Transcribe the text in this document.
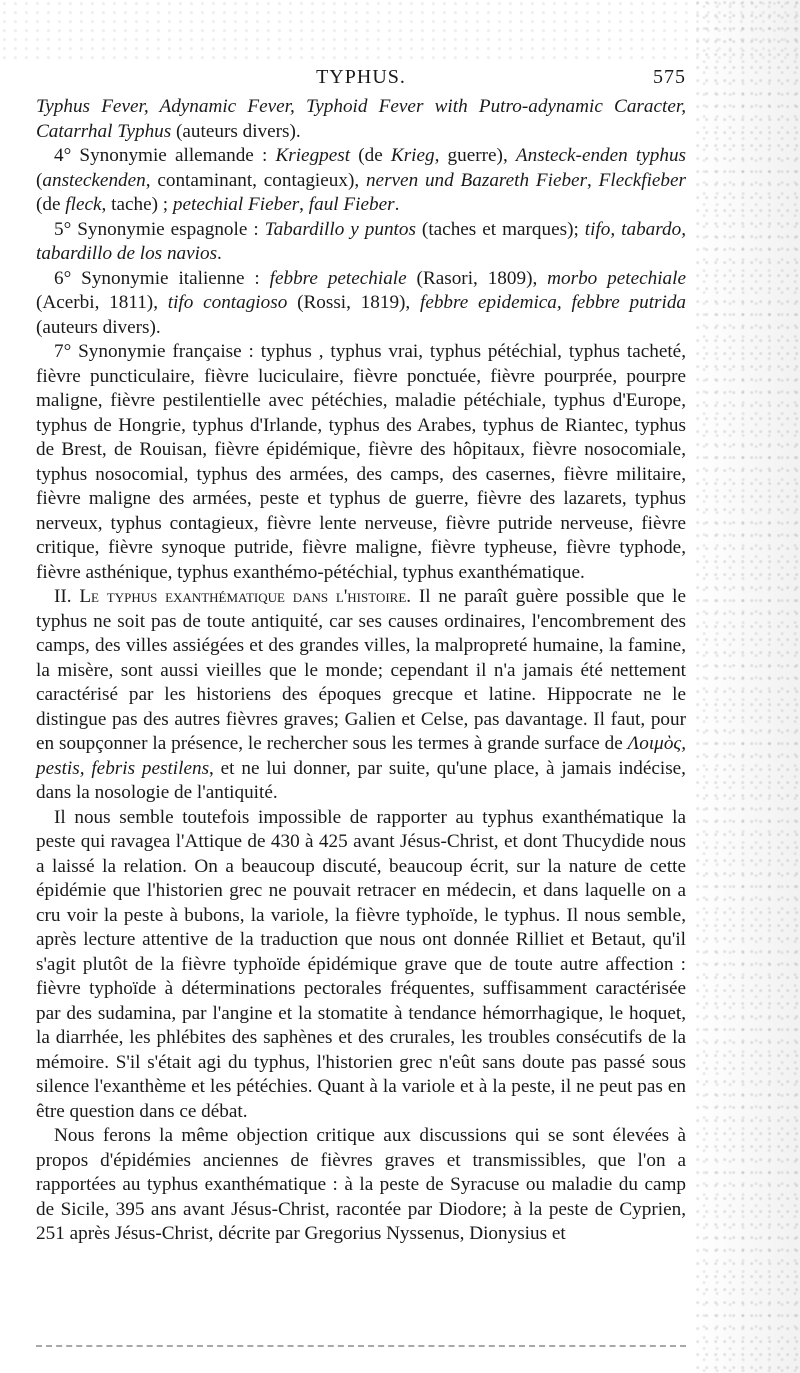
TYPHUS.	575

Typhus Fever, Adynamic Fever, Typhoid Fever with Putro-adynamic Caracter, Catarrhal Typhus (auteurs divers).

4° Synonymie allemande : Kriegpest (de Krieg, guerre), Ansteck-enden typhus (ansteckenden, contaminant, contagieux), nerven und Bazareth Fieber, Fleckfieber (de fleck, tache) ; petechial Fieber, faul Fieber.

5° Synonymie espagnole : Tabardillo y puntos (taches et marques); tifo, tabardo, tabardillo de los navios.

6° Synonymie italienne : febbre petechiale (Rasori, 1809), morbo petechiale (Acerbi, 1811), tifo contagioso (Rossi, 1819), febbre epidemica, febbre putrida (auteurs divers).

7° Synonymie française : typhus , typhus vrai, typhus pétéchial, typhus tacheté, fièvre puncticulaire, fièvre luciculaire, fièvre ponctuée, fièvre pourprée, pourpre maligne, fièvre pestilentielle avec pétéchies, maladie pétéchiale, typhus d'Europe, typhus de Hongrie, typhus d'Irlande, typhus des Arabes, typhus de Riantec, typhus de Brest, de Rouisan, fièvre épidémique, fièvre des hôpitaux, fièvre nosocomiale, typhus nosocomial, typhus des armées, des camps, des casernes, fièvre militaire, fièvre maligne des armées, peste et typhus de guerre, fièvre des lazarets, typhus nerveux, typhus contagieux, fièvre lente nerveuse, fièvre putride nerveuse, fièvre critique, fièvre synoque putride, fièvre maligne, fièvre typheuse, fièvre typhode, fièvre asthénique, typhus exanthémo-pétéchial, typhus exanthématique.

II. Le typhus exanthématique dans l'histoire. Il ne paraît guère possible que le typhus ne soit pas de toute antiquité, car ses causes ordinaires, l'encombrement des camps, des villes assiégées et des grandes villes, la malpropreté humaine, la famine, la misère, sont aussi vieilles que le monde; cependant il n'a jamais été nettement caractérisé par les historiens des époques grecque et latine. Hippocrate ne le distingue pas des autres fièvres graves; Galien et Celse, pas davantage. Il faut, pour en soupçonner la présence, le rechercher sous les termes à grande surface de Λοιμὸς, pestis, febris pestilens, et ne lui donner, par suite, qu'une place, à jamais indécise, dans la nosologie de l'antiquité.

Il nous semble toutefois impossible de rapporter au typhus exanthématique la peste qui ravagea l'Attique de 430 à 425 avant Jésus-Christ, et dont Thucydide nous a laissé la relation. On a beaucoup discuté, beaucoup écrit, sur la nature de cette épidémie que l'historien grec ne pouvait retracer en médecin, et dans laquelle on a cru voir la peste à bubons, la variole, la fièvre typhoïde, le typhus. Il nous semble, après lecture attentive de la traduction que nous ont donnée Rilliet et Betaut, qu'il s'agit plutôt de la fièvre typhoïde épidémique grave que de toute autre affection : fièvre typhoïde à déterminations pectorales fréquentes, suffisamment caractérisée par des sudamina, par l'angine et la stomatite à tendance hémorrhagique, le hoquet, la diarrhée, les phlébites des saphènes et des crurales, les troubles consécutifs de la mémoire. S'il s'était agi du typhus, l'historien grec n'eût sans doute pas passé sous silence l'exanthème et les pétéchies. Quant à la variole et à la peste, il ne peut pas en être question dans ce débat.

Nous ferons la même objection critique aux discussions qui se sont élevées à propos d'épidémies anciennes de fièvres graves et transmissibles, que l'on a rapportées au typhus exanthématique : à la peste de Syracuse ou maladie du camp de Sicile, 395 ans avant Jésus-Christ, racontée par Diodore; à la peste de Cyprien, 251 après Jésus-Christ, décrite par Gregorius Nyssenus, Dionysius et
